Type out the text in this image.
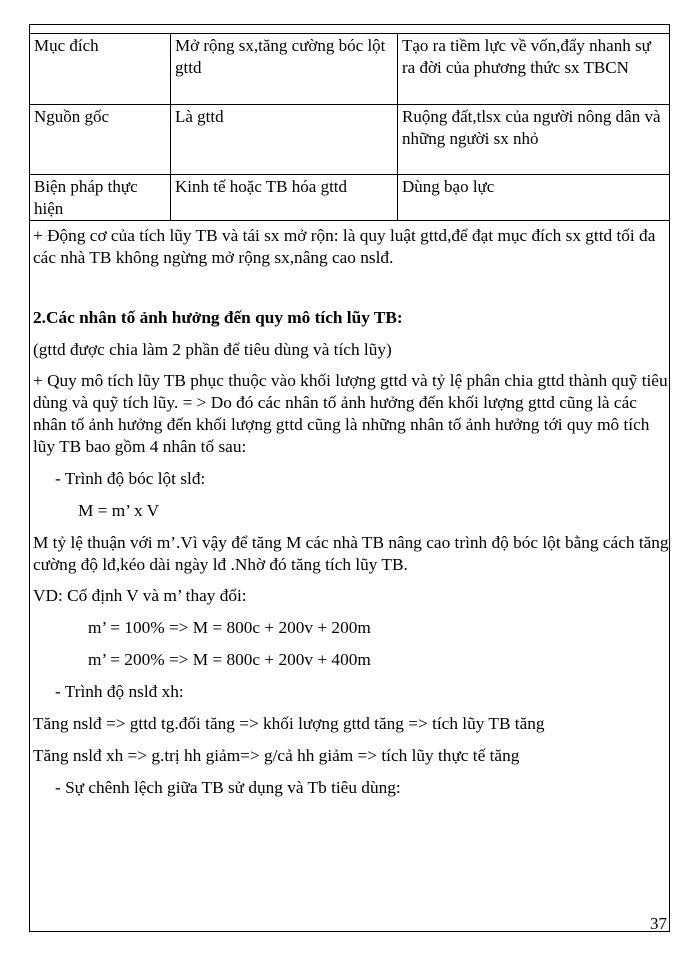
Mục đích	Mở rộng sx,tăng cường bóc lột gttd	Tạo ra tiềm lực về vốn,đẩy nhanh sự ra đời của phương thức sx TBCN
Nguồn gốc	Là gttd	Ruộng đất,tlsx của người nông dân và những người sx nhỏ
Biện pháp thực hiện	Kinh tế hoặc TB hóa gttd	Dùng bạo lực

+ Động cơ của tích lũy TB và tái sx mở rộn: là quy luật gttd,để đạt mục đích sx gttd tối đa các nhà TB không ngừng mở rộng sx,nâng cao nslđ.

2.Các nhân tố ảnh hưởng đến quy mô tích lũy TB:

(gttd được chia làm 2 phần để tiêu dùng và tích lũy)

+ Quy mô tích lũy TB phục thuộc vào khối lượng gttd và tỷ lệ phân chia gttd thành quỹ tiêu dùng và quỹ tích lũy. = > Do đó các nhân tố ảnh hưởng đến khối lượng gttd cũng là các nhân tố ảnh hưởng đến khối lượng gttd cũng là những nhân tố ảnh hưởng tới quy mô tích lũy TB bao gồm 4 nhân tố sau:

- Trình độ bóc lột slđ:

M = m’ x V

M tỷ lệ thuận với m’.Vì vậy để tăng M các nhà TB nâng cao trình độ bóc lột bằng cách tăng cường độ lđ,kéo dài ngày lđ .Nhờ đó tăng tích lũy TB.

VD: Cố định V và m’ thay đổi:

m’ = 100% => M = 800c + 200v + 200m

m’ = 200% => M = 800c + 200v + 400m

- Trình độ nslđ xh:

Tăng nslđ => gttd tg.đối tăng => khối lượng gttd tăng => tích lũy TB tăng

Tăng nslđ xh => g.trị hh giảm=> g/cả hh giảm => tích lũy thực tế tăng

- Sự chênh lệch giữa TB sử dụng và Tb tiêu dùng:

37
